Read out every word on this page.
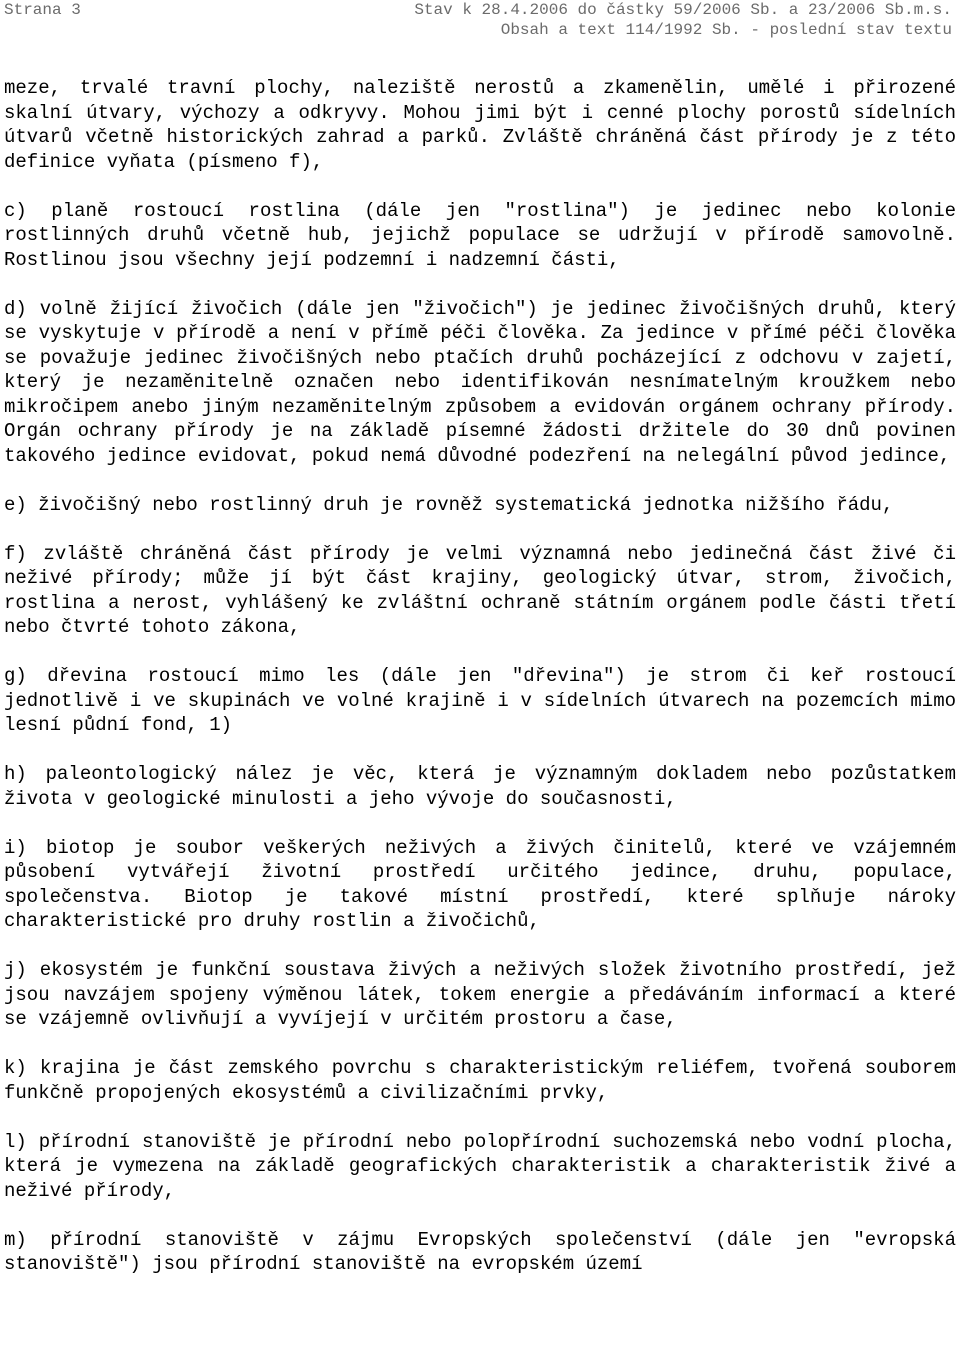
Strana 3	Stav k 28.4.2006 do částky 59/2006 Sb. a 23/2006 Sb.m.s.
Obsah a text 114/1992 Sb. - poslední stav textu

meze, trvalé travní plochy, naleziště nerostů a zkamenělin, umělé i přirozené skalní útvary, výchozy a odkryvy. Mohou jimi být i cenné plochy porostů sídelních útvarů včetně historických zahrad a parků. Zvláště chráněná část přírody je z této definice vyňata (písmeno f),

c) planě rostoucí rostlina (dále jen "rostlina") je jedinec nebo kolonie rostlinných druhů včetně hub, jejichž populace se udržují v přírodě samovolně. Rostlinou jsou všechny její podzemní i nadzemní části,

d) volně žijící živočich (dále jen "živočich") je jedinec živočišných druhů, který se vyskytuje v přírodě a není v přímě péči člověka. Za jedince v přímé péči člověka se považuje jedinec živočišných nebo ptačích druhů pocházející z odchovu v zajetí, který je nezaměnitelně označen nebo identifikován nesnímatelným kroužkem nebo mikročipem anebo jiným nezaměnitelným způsobem a evidován orgánem ochrany přírody. Orgán ochrany přírody je na základě písemné žádosti držitele do 30 dnů povinen takového jedince evidovat, pokud nemá důvodné podezření na nelegální původ jedince,

e) živočišný nebo rostlinný druh je rovněž systematická jednotka nižšího řádu,

f) zvláště chráněná část přírody je velmi významná nebo jedinečná část živé či neživé přírody; může jí být část krajiny, geologický útvar, strom, živočich, rostlina a nerost, vyhlášený ke zvláštní ochraně státním orgánem podle části třetí nebo čtvrté tohoto zákona,

g) dřevina rostoucí mimo les (dále jen "dřevina") je strom či keř rostoucí jednotlivě i ve skupinách ve volné krajině i v sídelních útvarech na pozemcích mimo lesní půdní fond, 1)

h) paleontologický nález je věc, která je významným dokladem nebo pozůstatkem života v geologické minulosti a jeho vývoje do současnosti,

i) biotop je soubor veškerých neživých a živých činitelů, které ve vzájemném působení vytvářejí životní prostředí určitého jedince, druhu, populace, společenstva. Biotop je takové místní prostředí, které splňuje nároky charakteristické pro druhy rostlin a živočichů,

j) ekosystém je funkční soustava živých a neživých složek životního prostředí, jež jsou navzájem spojeny výměnou látek, tokem energie a předáváním informací a které se vzájemně ovlivňují a vyvíjejí v určitém prostoru a čase,

k) krajina je část zemského povrchu s charakteristickým reliéfem, tvořená souborem funkčně propojených ekosystémů a civilizačními prvky,

l) přírodní stanoviště je přírodní nebo polopřírodní suchozemská nebo vodní plocha, která je vymezena na základě geografických charakteristik a charakteristik živé a neživé přírody,

m) přírodní stanoviště v zájmu Evropských společenství (dále jen "evropská stanoviště") jsou přírodní stanoviště na evropském území
